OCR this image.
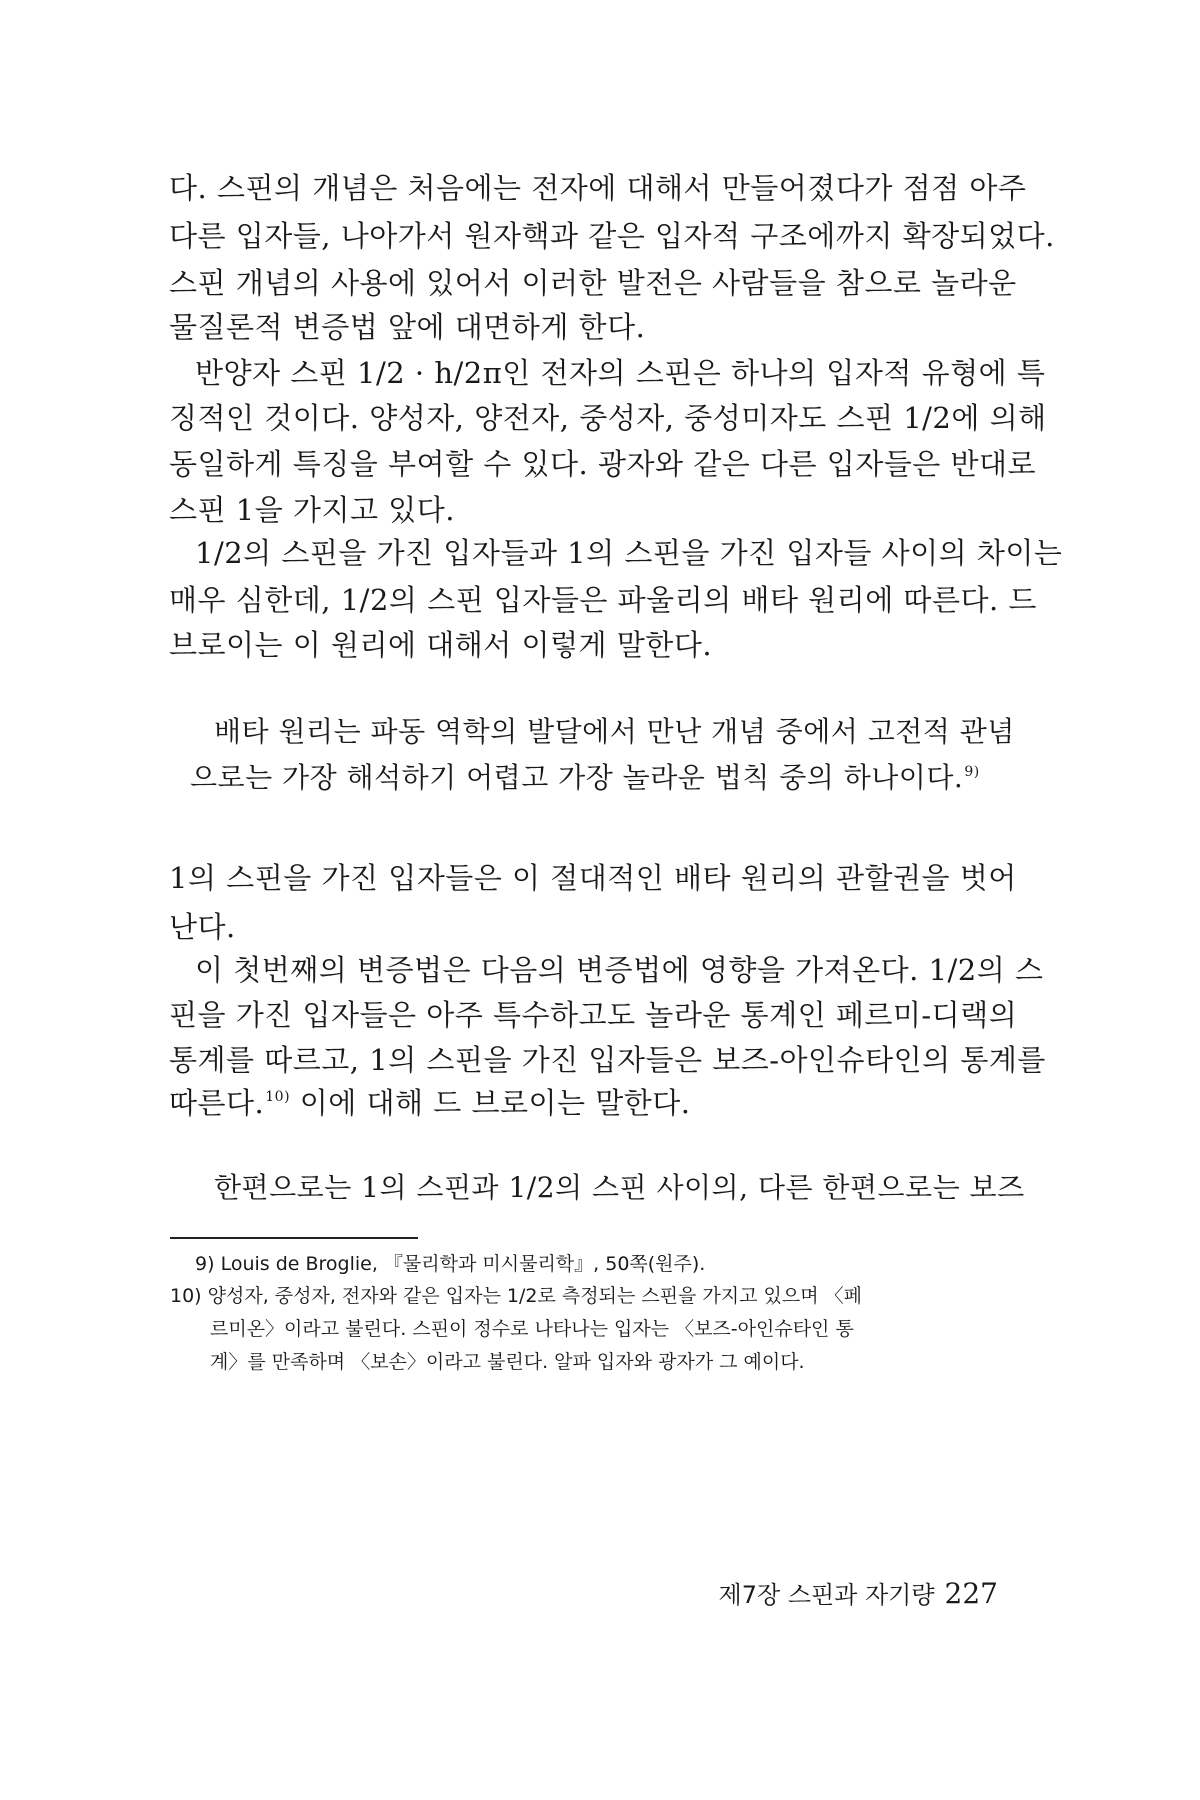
다. 스핀의 개념은 처음에는 전자에 대해서 만들어졌다가 점점 아주

다른 입자들, 나아가서 원자핵과 같은 입자적 구조에까지 확장되었다.

스핀 개념의 사용에 있어서 이러한 발전은 사람들을 참으로 놀라운

물질론적 변증법 앞에 대면하게 한다.

반양자 스핀 1/2 · h/2π인 전자의 스핀은 하나의 입자적 유형에 특

징적인 것이다. 양성자, 양전자, 중성자, 중성미자도 스핀 1/2에 의해

동일하게 특징을 부여할 수 있다. 광자와 같은 다른 입자들은 반대로

스핀 1을 가지고 있다.

1/2의 스핀을 가진 입자들과 1의 스핀을 가진 입자들 사이의 차이는

매우 심한데, 1/2의 스핀 입자들은 파울리의 배타 원리에 따른다. 드

브로이는 이 원리에 대해서 이렇게 말한다.

배타 원리는 파동 역학의 발달에서 만난 개념 중에서 고전적 관념

으로는 가장 해석하기 어렵고 가장 놀라운 법칙 중의 하나이다.$^{9)}$

1의 스핀을 가진 입자들은 이 절대적인 배타 원리의 관할권을 벗어

난다.

이 첫번째의 변증법은 다음의 변증법에 영향을 가져온다. 1/2의 스

핀을 가진 입자들은 아주 특수하고도 놀라운 통계인 페르미-디랙의

통계를 따르고, 1의 스핀을 가진 입자들은 보즈-아인슈타인의 통계를

따른다.$^{10)}$ 이에 대해 드 브로이는 말한다.

한편으로는 1의 스핀과 1/2의 스핀 사이의, 다른 한편으로는 보즈

9) Louis de Broglie, 『물리학과 미시물리학』, 50쪽(원주).

10) 양성자, 중성자, 전자와 같은 입자는 1/2로 측정되는 스핀을 가지고 있으며 〈페

르미온〉이라고 불린다. 스핀이 정수로 나타나는 입자는 〈보즈-아인슈타인 통

계〉를 만족하며 〈보손〉이라고 불린다. 알파 입자와 광자가 그 예이다.

제7장 스핀과 자기량 227
